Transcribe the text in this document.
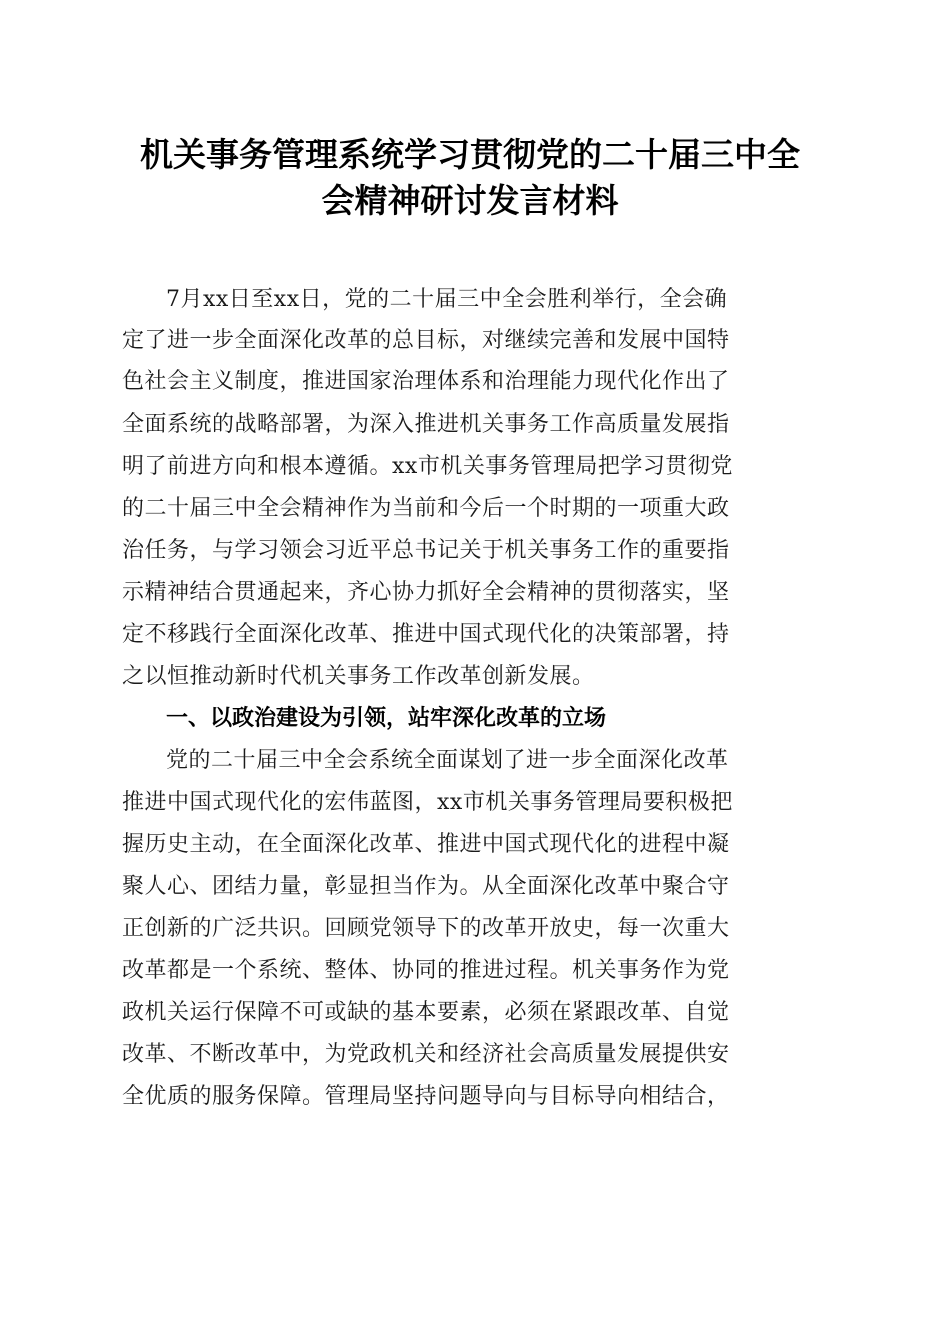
机关事务管理系统学习贯彻党的二十届三中全
会精神研讨发言材料
7月xx日至xx日，党的二十届三中全会胜利举行，全会确
定了进一步全面深化改革的总目标，对继续完善和发展中国特
色社会主义制度，推进国家治理体系和治理能力现代化作出了
全面系统的战略部署，为深入推进机关事务工作高质量发展指
明了前进方向和根本遵循。xx市机关事务管理局把学习贯彻党
的二十届三中全会精神作为当前和今后一个时期的一项重大政
治任务，与学习领会习近平总书记关于机关事务工作的重要指
示精神结合贯通起来，齐心协力抓好全会精神的贯彻落实，坚
定不移践行全面深化改革、推进中国式现代化的决策部署，持
之以恒推动新时代机关事务工作改革创新发展。
一、以政治建设为引领，站牢深化改革的立场
党的二十届三中全会系统全面谋划了进一步全面深化改革
推进中国式现代化的宏伟蓝图，xx市机关事务管理局要积极把
握历史主动，在全面深化改革、推进中国式现代化的进程中凝
聚人心、团结力量，彰显担当作为。从全面深化改革中聚合守
正创新的广泛共识。回顾党领导下的改革开放史，每一次重大
改革都是一个系统、整体、协同的推进过程。机关事务作为党
政机关运行保障不可或缺的基本要素，必须在紧跟改革、自觉
改革、不断改革中，为党政机关和经济社会高质量发展提供安
全优质的服务保障。管理局坚持问题导向与目标导向相结合，
